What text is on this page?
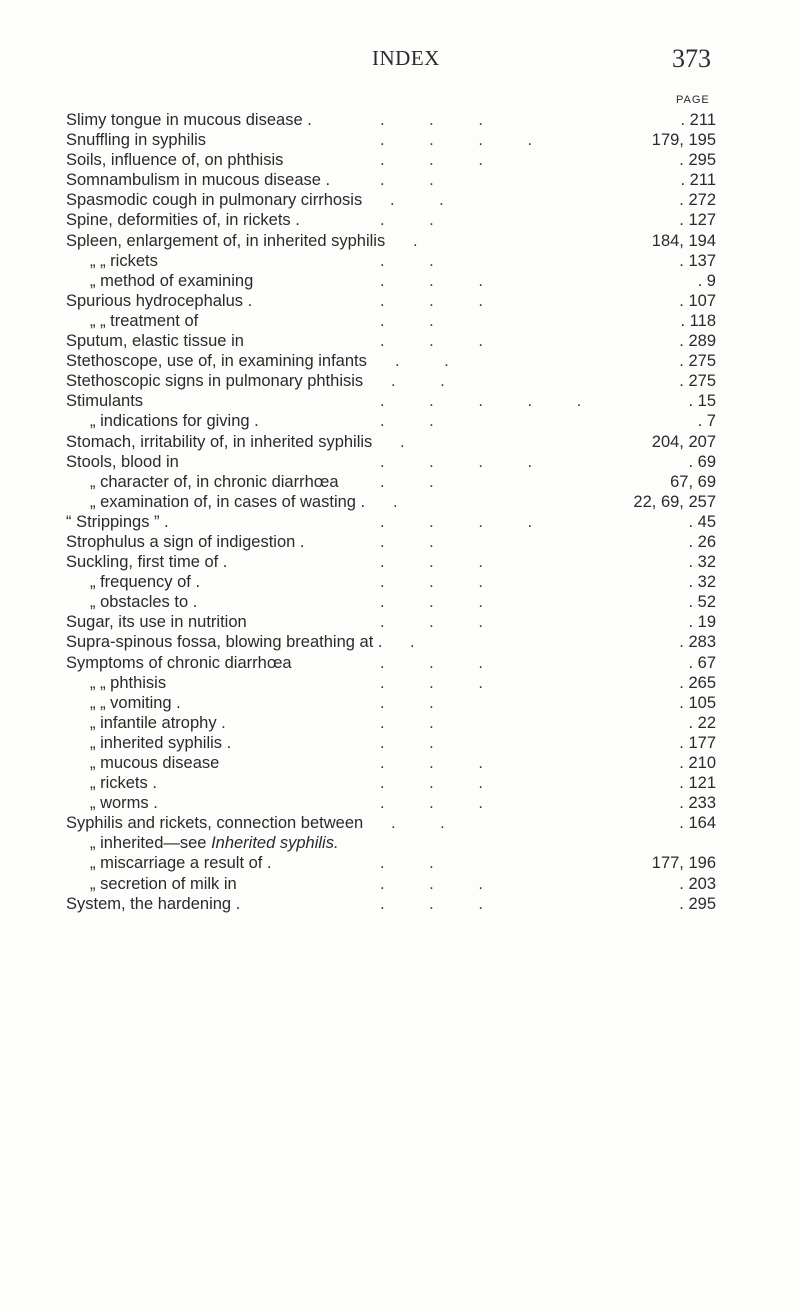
INDEX	373
PAGE
Slimy tongue in mucous disease .	. . .	. 211
Snuffling in syphilis	. . . .	179, 195
Soils, influence of, on phthisis	. . .	. 295
Somnambulism in mucous disease .	. .	. 211
Spasmodic cough in pulmonary cirrhosis . .	. 272
Spine, deformities of, in rickets .	. .	. 127
Spleen, enlargement of, in inherited syphilis .	184, 194
„ „ rickets	. .	. 137
„ method of examining	. . .	. 9
Spurious hydrocephalus .	. . .	. 107
„ „ treatment of	. .	. 118
Sputum, elastic tissue in	. . .	. 289
Stethoscope, use of, in examining infants . .	. 275
Stethoscopic signs in pulmonary phthisis . .	. 275
Stimulants	. . . . .	. 15
„ indications for giving .	. .	. 7
Stomach, irritability of, in inherited syphilis .	204, 207
Stools, blood in	. . . .	. 69
„ character of, in chronic diarrhœa	. .	67, 69
„ examination of, in cases of wasting . .	22, 69, 257
“ Strippings ” .	. . . .	. 45
Strophulus a sign of indigestion .	. .	. 26
Suckling, first time of .	. . .	. 32
„ frequency of .	. . .	. 32
„ obstacles to .	. . .	. 52
Sugar, its use in nutrition	. . .	. 19
Supra-spinous fossa, blowing breathing at . .	. 283
Symptoms of chronic diarrhœa	. . .	. 67
„ „ phthisis	. . .	. 265
„ „ vomiting .	. .	. 105
„ infantile atrophy .	. .	. 22
„ inherited syphilis .	. .	. 177
„ mucous disease	. . .	. 210
„ rickets .	. . .	. 121
„ worms .	. . .	. 233
Syphilis and rickets, connection between . .	. 164
„ inherited—see Inherited syphilis.
„ miscarriage a result of .	. .	177, 196
„ secretion of milk in	. . .	. 203
System, the hardening .	. . .	. 295
